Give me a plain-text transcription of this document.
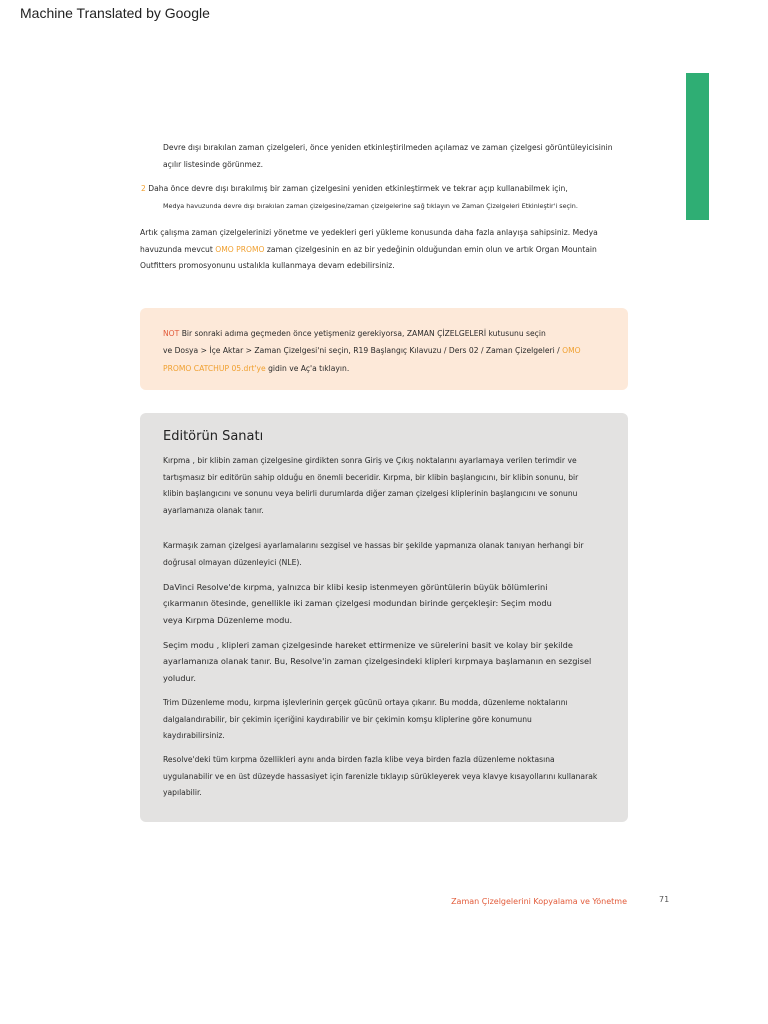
Machine Translated by Google
Devre dışı bırakılan zaman çizelgeleri, önce yeniden etkinleştirilmeden açılamaz ve zaman çizelgesi görüntüleyicisinin
açılır listesinde görünmez.
2 Daha önce devre dışı bırakılmış bir zaman çizelgesini yeniden etkinleştirmek ve tekrar açıp kullanabilmek için,
Medya havuzunda devre dışı bırakılan zaman çizelgesine/zaman çizelgelerine sağ tıklayın ve Zaman Çizelgeleri Etkinleştir'i seçin.
Artık çalışma zaman çizelgelerinizi yönetme ve yedekleri geri yükleme konusunda daha fazla anlayışa sahipsiniz. Medya
havuzunda mevcut OMO PROMO zaman çizelgesinin en az bir yedeğinin olduğundan emin olun ve artık Organ Mountain
Outfitters promosyonunu ustalıkla kullanmaya devam edebilirsiniz.
NOT Bir sonraki adıma geçmeden önce yetişmeniz gerekiyorsa, ZAMAN ÇİZELGELERİ kutusunu seçin
ve Dosya > İçe Aktar > Zaman Çizelgesi'ni seçin, R19 Başlangıç Kılavuzu / Ders 02 / Zaman Çizelgeleri / OMO
PROMO CATCHUP 05.drt'ye gidin ve Aç'a tıklayın.
Editörün Sanatı
Kırpma , bir klibin zaman çizelgesine girdikten sonra Giriş ve Çıkış noktalarını ayarlamaya verilen terimdir ve
tartışmasız bir editörün sahip olduğu en önemli beceridir. Kırpma, bir klibin başlangıcını, bir klibin sonunu, bir
klibin başlangıcını ve sonunu veya belirli durumlarda diğer zaman çizelgesi kliplerinin başlangıcını ve sonunu
ayarlamanıza olanak tanır.
Karmaşık zaman çizelgesi ayarlamalarını sezgisel ve hassas bir şekilde yapmanıza olanak tanıyan herhangi bir
doğrusal olmayan düzenleyici (NLE).
DaVinci Resolve'de kırpma, yalnızca bir klibi kesip istenmeyen görüntülerin büyük bölümlerini
çıkarmanın ötesinde, genellikle iki zaman çizelgesi modundan birinde gerçekleşir: Seçim modu
veya Kırpma Düzenleme modu.
Seçim modu , klipleri zaman çizelgesinde hareket ettirmenize ve sürelerini basit ve kolay bir şekilde
ayarlamanıza olanak tanır. Bu, Resolve'in zaman çizelgesindeki klipleri kırpmaya başlamanın en sezgisel
yoludur.
Trim Düzenleme modu, kırpma işlevlerinin gerçek gücünü ortaya çıkarır. Bu modda, düzenleme noktalarını
dalgalandırabilir, bir çekimin içeriğini kaydırabilir ve bir çekimin komşu kliplerine göre konumunu
kaydırabilirsiniz.
Resolve'deki tüm kırpma özellikleri aynı anda birden fazla klibe veya birden fazla düzenleme noktasına
uygulanabilir ve en üst düzeyde hassasiyet için farenizle tıklayıp sürükleyerek veya klavye kısayollarını kullanarak
yapılabilir.
Zaman Çizelgelerini Kopyalama ve Yönetme	71
